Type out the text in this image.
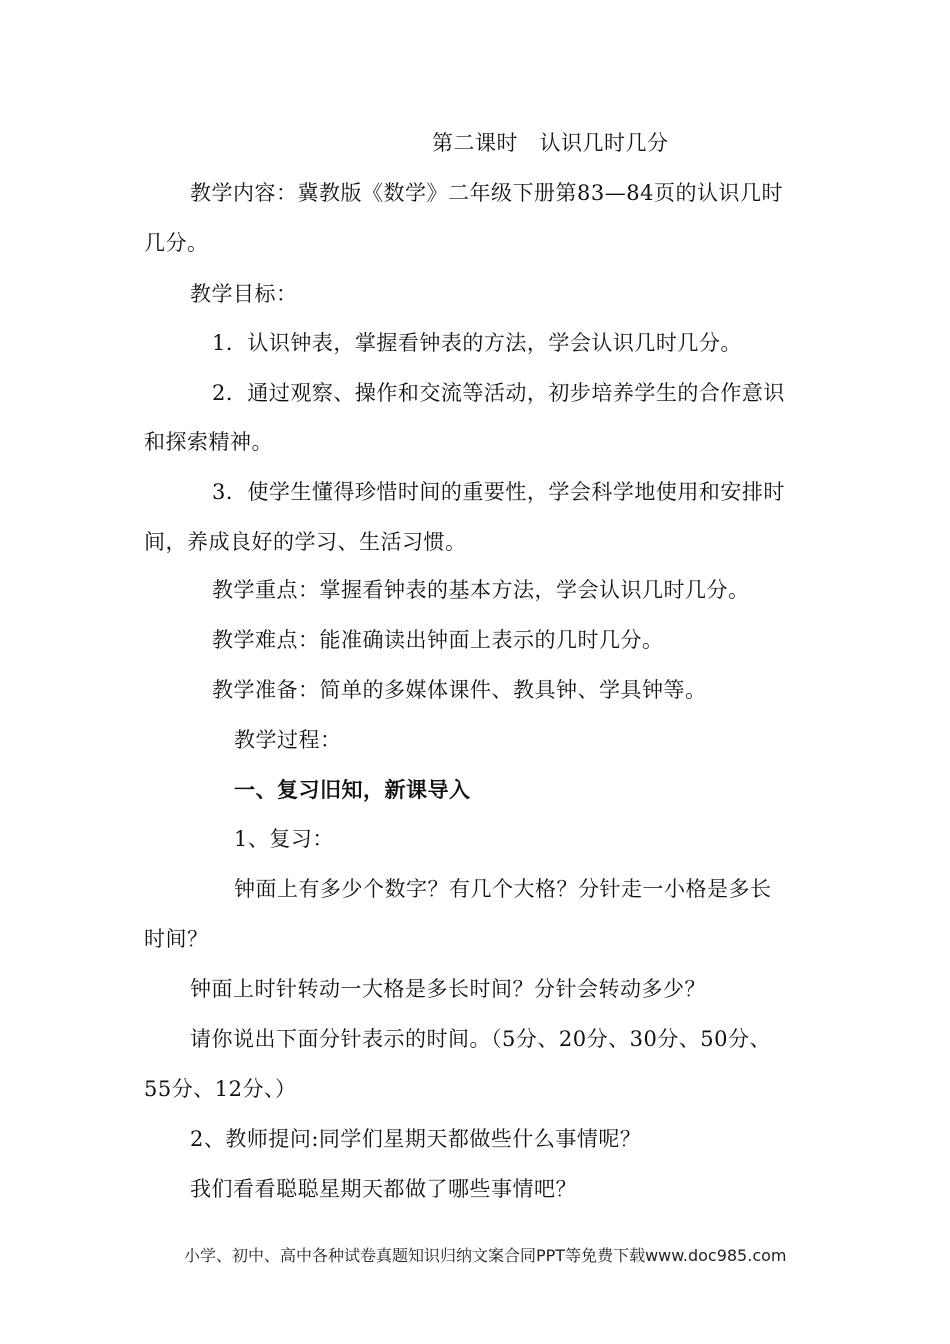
第二课时　认识几时几分
教学内容：冀教版《数学》二年级下册第83—84页的认识几时
几分。
教学目标：
1．认识钟表，掌握看钟表的方法，学会认识几时几分。
2．通过观察、操作和交流等活动，初步培养学生的合作意识
和探索精神。
3．使学生懂得珍惜时间的重要性，学会科学地使用和安排时
间，养成良好的学习、生活习惯。
教学重点：掌握看钟表的基本方法，学会认识几时几分。
教学难点：能准确读出钟面上表示的几时几分。
教学准备：简单的多媒体课件、教具钟、学具钟等。
教学过程：
一、复习旧知，新课导入
1、复习：
钟面上有多少个数字？有几个大格？分针走一小格是多长
时间？
钟面上时针转动一大格是多长时间？分针会转动多少？
请你说出下面分针表示的时间。（5分、20分、30分、50分、
55分、12分、）
2、教师提问:同学们星期天都做些什么事情呢？
我们看看聪聪星期天都做了哪些事情吧？
小学、初中、高中各种试卷真题知识归纳文案合同PPT等免费下载www.doc985.com
